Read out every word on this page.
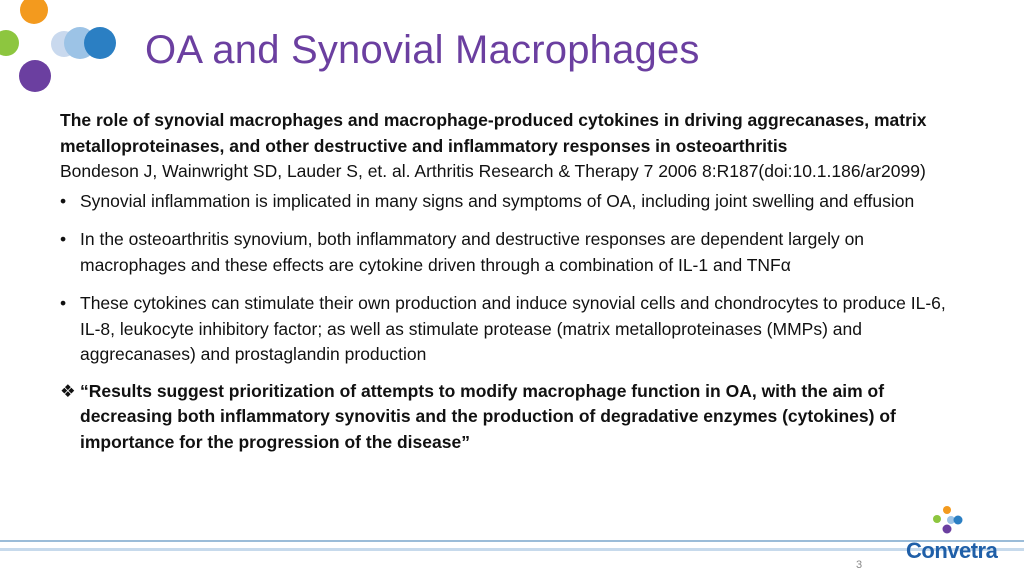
OA and Synovial Macrophages

The role of synovial macrophages and macrophage-produced cytokines in driving aggrecanases, matrix metalloproteinases, and other destructive and inflammatory responses in osteoarthritis

Bondeson J, Wainwright SD, Lauder S, et. al. Arthritis Research & Therapy 7 2006 8:R187(doi:10.1.186/ar2099)

• Synovial inflammation is implicated in many signs and symptoms of OA, including joint swelling and effusion
• In the osteoarthritis synovium, both inflammatory and destructive responses are dependent largely on macrophages and these effects are cytokine driven through a combination of IL-1 and TNFα
• These cytokines can stimulate their own production and induce synovial cells and chondrocytes to produce IL-6, IL-8, leukocyte inhibitory factor; as well as stimulate protease (matrix metalloproteinases (MMPs) and aggrecanases) and prostaglandin production
❖ “Results suggest prioritization of attempts to modify macrophage function in OA, with the aim of decreasing both inflammatory synovitis and the production of degradative enzymes (cytokines) of importance for the progression of the disease”
Convetra
3
